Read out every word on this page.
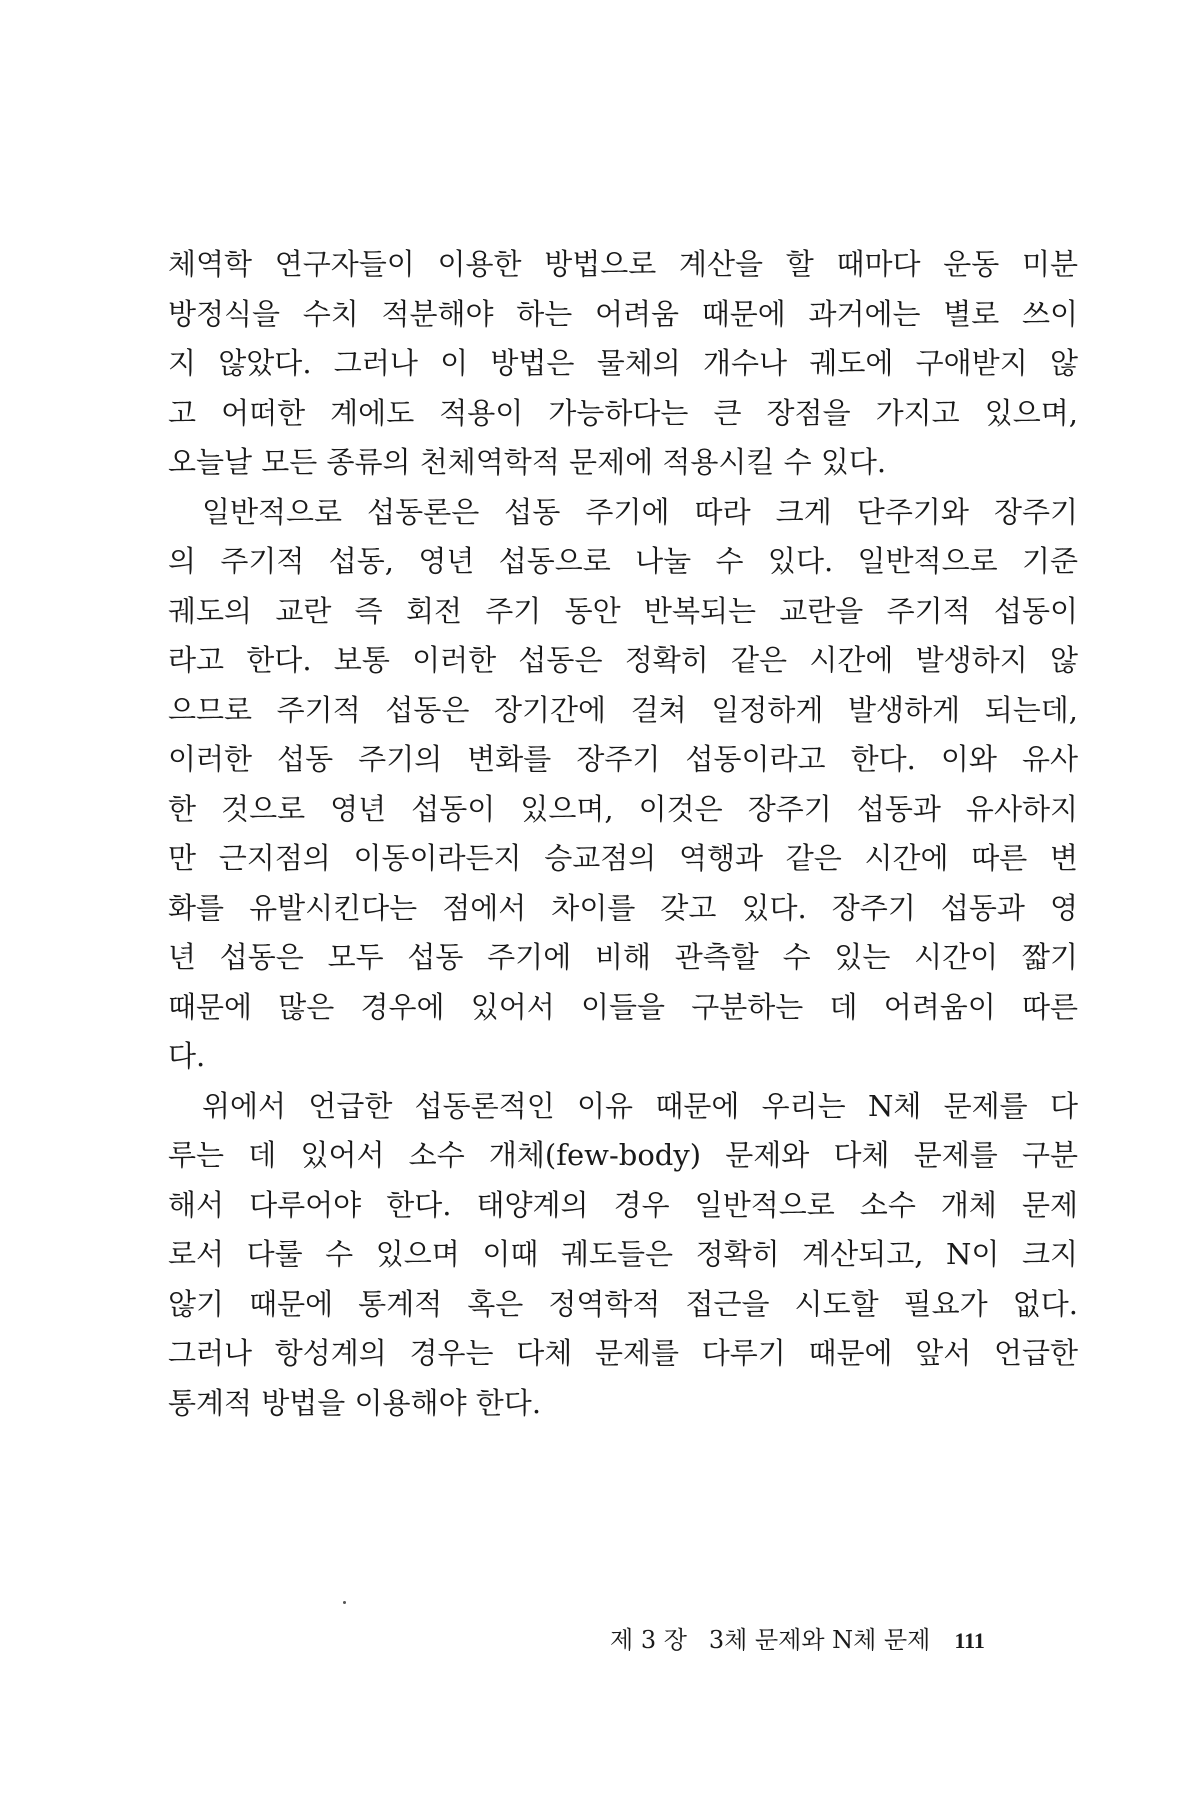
체역학 연구자들이 이용한 방법으로 계산을 할 때마다 운동 미분
방정식을 수치 적분해야 하는 어려움 때문에 과거에는 별로 쓰이
지 않았다. 그러나 이 방법은 물체의 개수나 궤도에 구애받지 않
고 어떠한 계에도 적용이 가능하다는 큰 장점을 가지고 있으며,
오늘날 모든 종류의 천체역학적 문제에 적용시킬 수 있다.
일반적으로 섭동론은 섭동 주기에 따라 크게 단주기와 장주기
의 주기적 섭동, 영년 섭동으로 나눌 수 있다. 일반적으로 기준
궤도의 교란 즉 회전 주기 동안 반복되는 교란을 주기적 섭동이
라고 한다. 보통 이러한 섭동은 정확히 같은 시간에 발생하지 않
으므로 주기적 섭동은 장기간에 걸쳐 일정하게 발생하게 되는데,
이러한 섭동 주기의 변화를 장주기 섭동이라고 한다. 이와 유사
한 것으로 영년 섭동이 있으며, 이것은 장주기 섭동과 유사하지
만 근지점의 이동이라든지 승교점의 역행과 같은 시간에 따른 변
화를 유발시킨다는 점에서 차이를 갖고 있다. 장주기 섭동과 영
년 섭동은 모두 섭동 주기에 비해 관측할 수 있는 시간이 짧기
때문에 많은 경우에 있어서 이들을 구분하는 데 어려움이 따른
다.
위에서 언급한 섭동론적인 이유 때문에 우리는 N체 문제를 다
루는 데 있어서 소수 개체(few-body) 문제와 다체 문제를 구분
해서 다루어야 한다. 태양계의 경우 일반적으로 소수 개체 문제
로서 다룰 수 있으며 이때 궤도들은 정확히 계산되고, N이 크지
않기 때문에 통계적 혹은 정역학적 접근을 시도할 필요가 없다.
그러나 항성계의 경우는 다체 문제를 다루기 때문에 앞서 언급한
통계적 방법을 이용해야 한다.
제 3 장 3체 문제와 N체 문제 111
